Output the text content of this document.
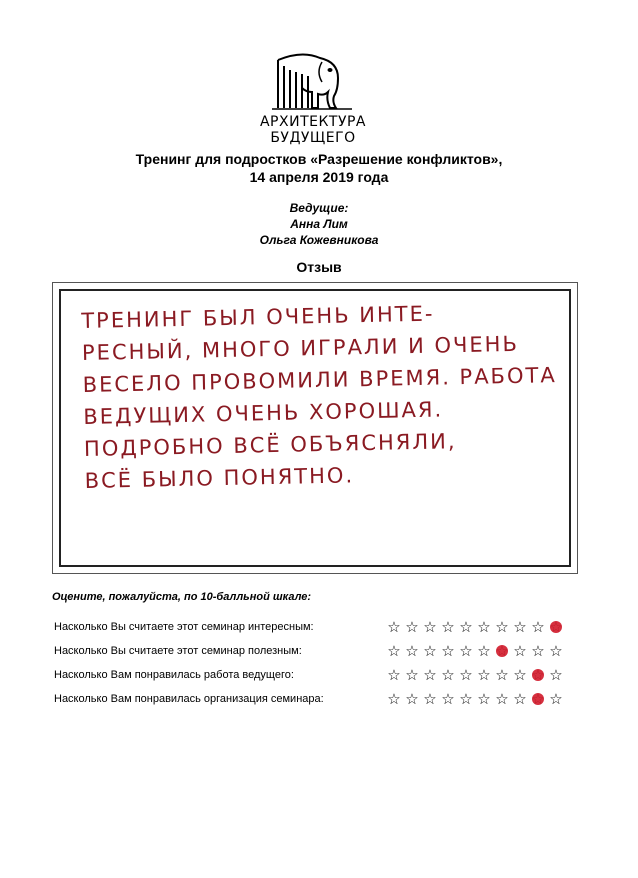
АРХИТЕКТУРА БУДУЩЕГО
Тренинг для подростков «Разрешение конфликтов»,
14 апреля 2019 года
Ведущие:
Анна Лим
Ольга Кожевникова
Отзыв
ТРЕНИНГ БЫЛ ОЧЕНЬ ИНТЕ-
РЕСНЫЙ, МНОГО ИГРАЛИ И ОЧЕНЬ
ВЕСЕЛО ПРОВОМИЛИ ВРЕМЯ. РАБОТА
ВЕДУЩИХ ОЧЕНЬ ХОРОШАЯ.
ПОДРОБНО ВСЁ ОБЪЯСНЯЛИ,
ВСЁ БЫЛО ПОНЯТНО.
Оцените, пожалуйста, по 10-балльной шкале:
Насколько Вы считаете этот семинар интересным:	☆ ☆ ☆ ☆ ☆ ☆ ☆ ☆ ☆
Насколько Вы считаете этот семинар полезным:	☆ ☆ ☆ ☆ ☆ ☆ ☆ ☆ ☆
Насколько Вам понравилась работа ведущего:	☆ ☆ ☆ ☆ ☆ ☆ ☆ ☆ ☆
Насколько Вам понравилась организация семинара:	☆ ☆ ☆ ☆ ☆ ☆ ☆ ☆ ☆
